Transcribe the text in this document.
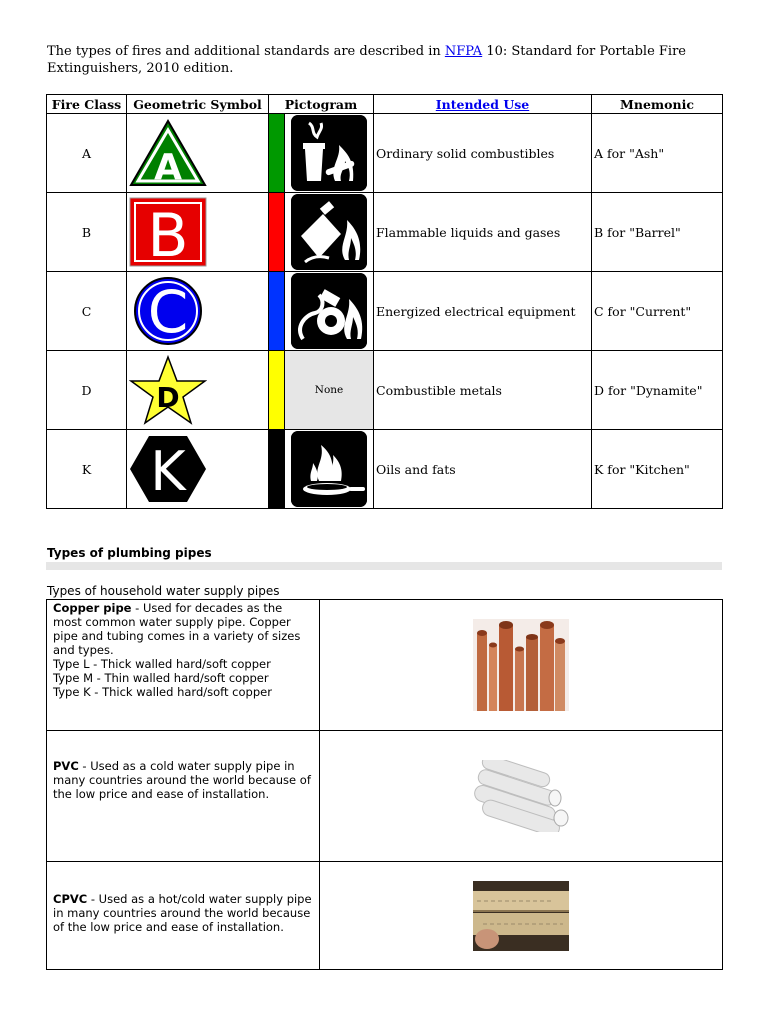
The types of fires and additional standards are described in NFPA 10: Standard for Portable Fire Extinguishers, 2010 edition.
Fire Class	Geometric Symbol	Pictogram		Intended Use	Mnemonic
A	A			Ordinary solid combustibles	A for "Ash"
B	B			Flammable liquids and gases	B for "Barrel"
C	C			Energized electrical equipment	C for "Current"
D	D		None	Combustible metals	D for "Dynamite"
K	K			Oils and fats	K for "Kitchen"
Types of plumbing pipes
Types of household water supply pipes
Copper pipe - Used for decades as the most common water supply pipe. Copper pipe and tubing comes in a variety of sizes and types.
Type L - Thick walled hard/soft copper
Type M - Thin walled hard/soft copper
Type K - Thick walled hard/soft copper

PVC - Used as a cold water supply pipe in many countries around the world because of the low price and ease of installation.	
CPVC - Used as a hot/cold water supply pipe in many countries around the world because of the low price and ease of installation.	
